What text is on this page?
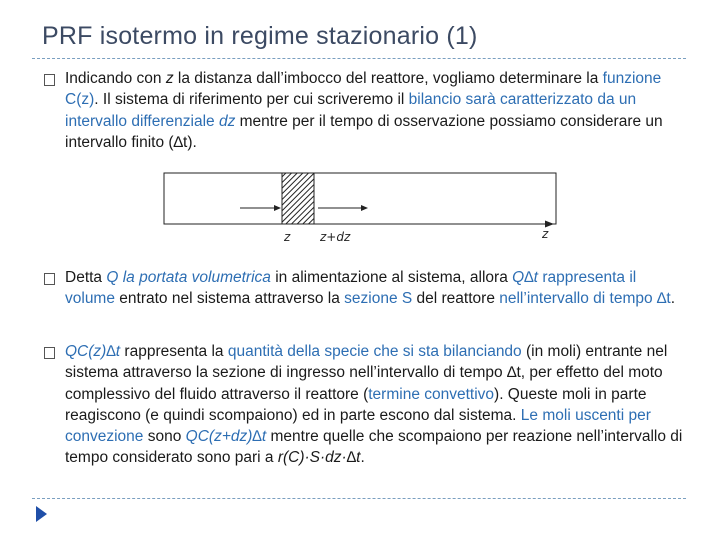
PRF isotermo in regime stazionario (1)
Indicando con z la distanza dall’imbocco del reattore, vogliamo determinare la funzione C(z). Il sistema di riferimento per cui scriveremo il bilancio sarà caratterizzato da un intervallo differenziale dz mentre per il tempo di osservazione possiamo considerare un intervallo finito (∆t).
z z+dz	z
Detta Q la portata volumetrica in alimentazione al sistema, allora Q∆t rappresenta il volume entrato nel sistema attraverso la sezione S del reattore nell’intervallo di tempo ∆t.
QC(z)∆t rappresenta la quantità della specie che si sta bilanciando (in moli) entrante nel sistema attraverso la sezione di ingresso nell’intervallo di tempo ∆t, per effetto del moto complessivo del fluido attraverso il reattore (termine convettivo). Queste moli in parte reagiscono (e quindi scompaiono) ed in parte escono dal sistema. Le moli uscenti per convezione sono QC(z+dz)∆t mentre quelle che scompaiono per reazione nell’intervallo di tempo considerato sono pari a r(C)·S·dz·∆t.
